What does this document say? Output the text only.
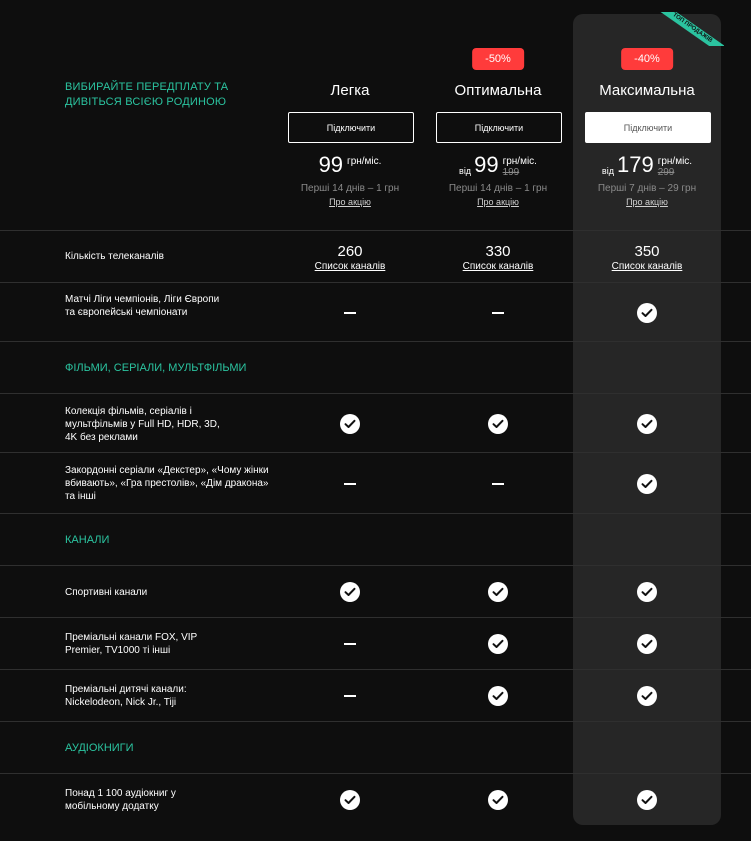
ТОП ПРОДАЖІВ
ВИБИРАЙТЕ ПЕРЕДПЛАТУ ТА ДИВІТЬСЯ ВСІЄЮ РОДИНОЮ
Легка
Підключити
99 грн/міс.
Перші 14 днів – 1 грн
Про акцію
-50%
Оптимальна
Підключити
від 99 грн/міс.
199
Перші 14 днів – 1 грн
Про акцію
-40%
Максимальна
Підключити
від 179 грн/міс.
299
Перші 7 днів – 29 грн
Про акцію
Кількість телеканалів	260
Список каналів
330
Список каналів
350
Список каналів
Матчі Ліги чемпіонів, Ліги Європи та європейські чемпіонати
ФІЛЬМИ, СЕРІАЛИ, МУЛЬТФІЛЬМИ
Колекція фільмів, серіалів і мультфільмів у Full HD, HDR, 3D, 4K без реклами
Закордонні серіали «Декстер», «Чому жінки вбивають», «Гра престолів», «Дім дракона» та інші
КАНАЛИ
Спортивні канали
Преміальні канали FOX, VIP Premier, TV1000 ті інші
Преміальні дитячі канали: Nickelodeon, Nick Jr., Tiji
АУДІОКНИГИ
Понад 1 100 аудіокниг у мобільному додатку
